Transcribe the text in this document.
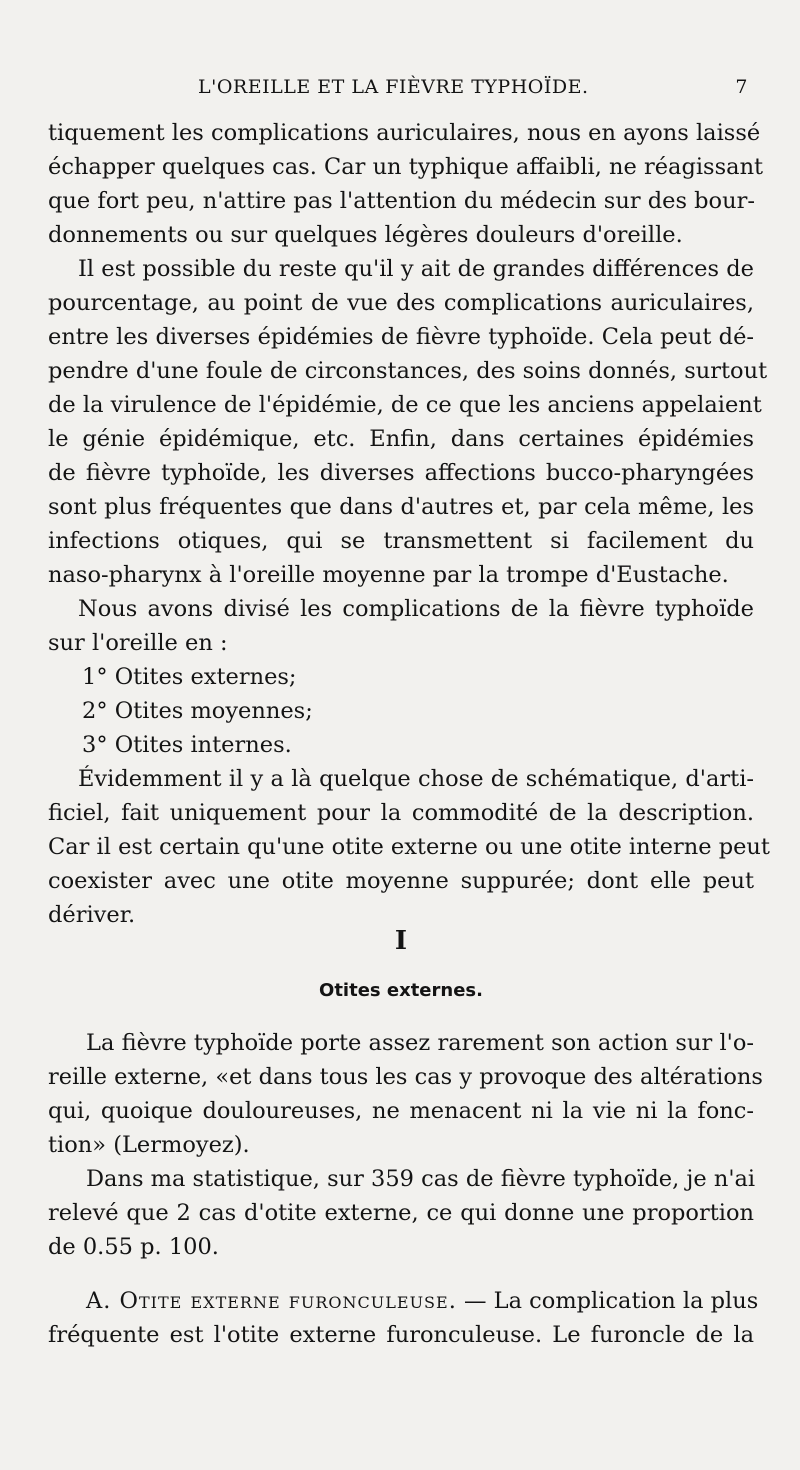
L'OREILLE ET LA FIÈVRE TYPHOÏDE.	7
tiquement les complications auriculaires, nous en ayons laissé
échapper quelques cas. Car un typhique affaibli, ne réagissant
que fort peu, n'attire pas l'attention du médecin sur des bour-
donnements ou sur quelques légères douleurs d'oreille.
Il est possible du reste qu'il y ait de grandes différences de
pourcentage, au point de vue des complications auriculaires,
entre les diverses épidémies de fièvre typhoïde. Cela peut dé-
pendre d'une foule de circonstances, des soins donnés, surtout
de la virulence de l'épidémie, de ce que les anciens appelaient
le génie épidémique, etc. Enfin, dans certaines épidémies
de fièvre typhoïde, les diverses affections bucco-pharyngées
sont plus fréquentes que dans d'autres et, par cela même, les
infections otiques, qui se transmettent si facilement du
naso-pharynx à l'oreille moyenne par la trompe d'Eustache.
Nous avons divisé les complications de la fièvre typhoïde
sur l'oreille en :
1° Otites externes;
2° Otites moyennes;
3° Otites internes.
Évidemment il y a là quelque chose de schématique, d'arti-
ficiel, fait uniquement pour la commodité de la description.
Car il est certain qu'une otite externe ou une otite interne peut
coexister avec une otite moyenne suppurée; dont elle peut
dériver.
I
Otites externes.
La fièvre typhoïde porte assez rarement son action sur l'o-
reille externe, «et dans tous les cas y provoque des altérations
qui, quoique douloureuses, ne menacent ni la vie ni la fonc-
tion» (Lermoyez).
Dans ma statistique, sur 359 cas de fièvre typhoïde, je n'ai
relevé que 2 cas d'otite externe, ce qui donne une proportion
de 0.55 p. 100.
A. Otite externe furonculeuse. — La complication la plus
fréquente est l'otite externe furonculeuse. Le furoncle de la
